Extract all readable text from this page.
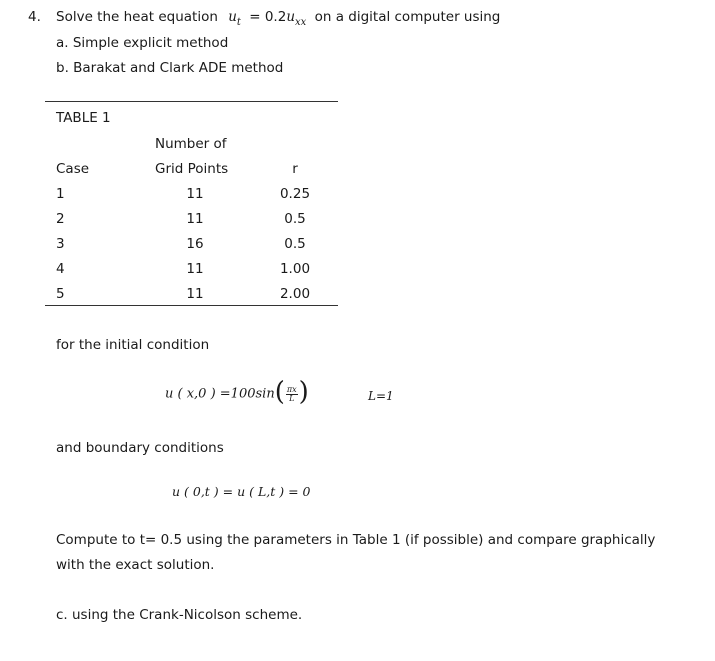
4. Solve the heat equation $u_t = 0.2u_{xx}$ on a digital computer using
a. Simple explicit method
b. Barakat and Clark ADE method
TABLE 1
Number of
Case	Grid Points	r
1	11	0.25
2	11	0.5
3	16	0.5
4	11	1.00
5	11	2.00
for the initial condition
u ( x,0 ) $=100\sin( \frac{\pi x}{L}$ )	L=1
and boundary conditions
u ( 0,t ) = u ( L,t ) = 0
Compute to t= 0.5 using the parameters in Table 1 (if possible) and compare graphically
with the exact solution.
c. using the Crank-Nicolson scheme.
